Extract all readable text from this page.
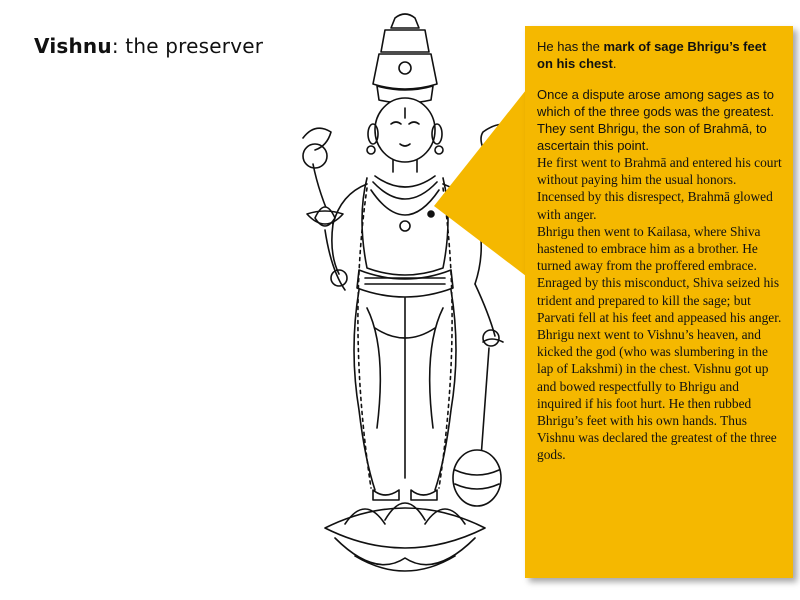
Vishnu: the preserver	He has the mark of sage Bhrigu’s feet on his chest.

Once a dispute arose among sages as to which of the three gods was the greatest. They sent Bhrigu, the son of Brahmā, to ascertain this point.

He first went to Brahmā and entered his court without paying him the usual honors. Incensed by this disrespect, Brahmā glowed with anger.

Bhrigu then went to Kailasa, where Shiva hastened to embrace him as a brother. He turned away from the proffered embrace. Enraged by this misconduct, Shiva seized his trident and prepared to kill the sage; but Parvati fell at his feet and appeased his anger.

Bhrigu next went to Vishnu’s heaven, and kicked the god (who was slumbering in the lap of Lakshmi) in the chest. Vishnu got up and bowed respectfully to Bhrigu and inquired if his foot hurt. He then rubbed Bhrigu’s feet with his own hands. Thus Vishnu was declared the greatest of the three gods.
